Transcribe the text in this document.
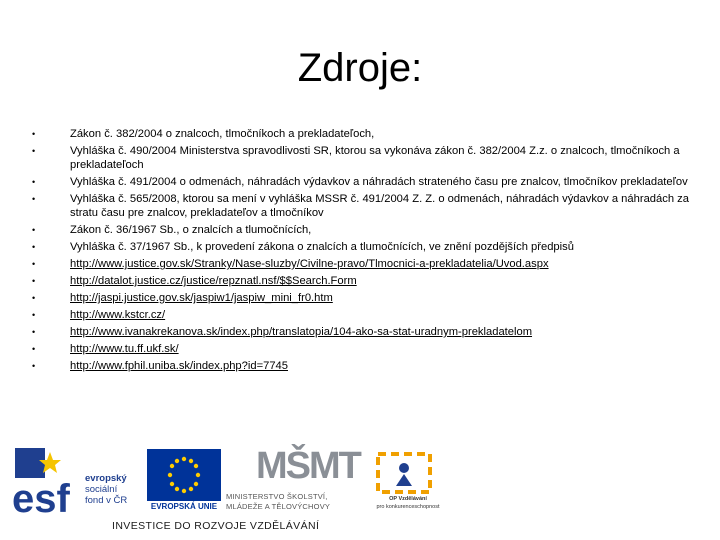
Zdroje:
•	Zákon č. 382/2004 o znalcoch, tlmočníkoch a prekladateľoch,
•	Vyhláška č. 490/2004 Ministerstva spravodlivosti SR, ktorou sa vykonáva zákon č. 382/2004 Z.z. o znalcoch, tlmočníkoch a prekladateľoch
•	Vyhláška č. 491/2004 o odmenách, náhradách výdavkov a náhradách strateného času pre znalcov, tlmočníkov prekladateľov
•	Vyhláška č. 565/2008, ktorou sa mení v vyhláška MSSR č. 491/2004 Z. Z. o odmenách, náhradách výdavkov a náhradách za stratu času pre znalcov, prekladateľov a tlmočníkov
•	Zákon č. 36/1967 Sb., o znalcích a tlumočnících,
•	Vyhláška č. 37/1967 Sb., k provedení zákona o znalcích a tlumočnících, ve znění pozdějších předpisů
•	http://www.justice.gov.sk/Stranky/Nase-sluzby/Civilne-pravo/Tlmocnici-a-prekladatelia/Uvod.aspx
•	http://datalot.justice.cz/justice/repznatl.nsf/$$Search.Form
•	http://jaspi.justice.gov.sk/jaspiw1/jaspiw_mini_fr0.htm
•	http://www.kstcr.cz/
•	http://www.ivanakrekanova.sk/index.php/translatopia/104-ako-sa-stat-uradnym-prekladatelom
•	http://www.tu.ff.ukf.sk/
•	http://www.fphil.uniba.sk/index.php?id=7745
esf evropský
sociální
fond v ČR
EVROPSKÁ UNIE
MŠMT
MINISTERSTVO ŠKOLSTVÍ,
MLÁDEŽE A TĚLOVÝCHOVY
OP Vzdělávání
pro konkurenceschopnost
INVESTICE DO ROZVOJE VZDĚLÁVÁNÍ
